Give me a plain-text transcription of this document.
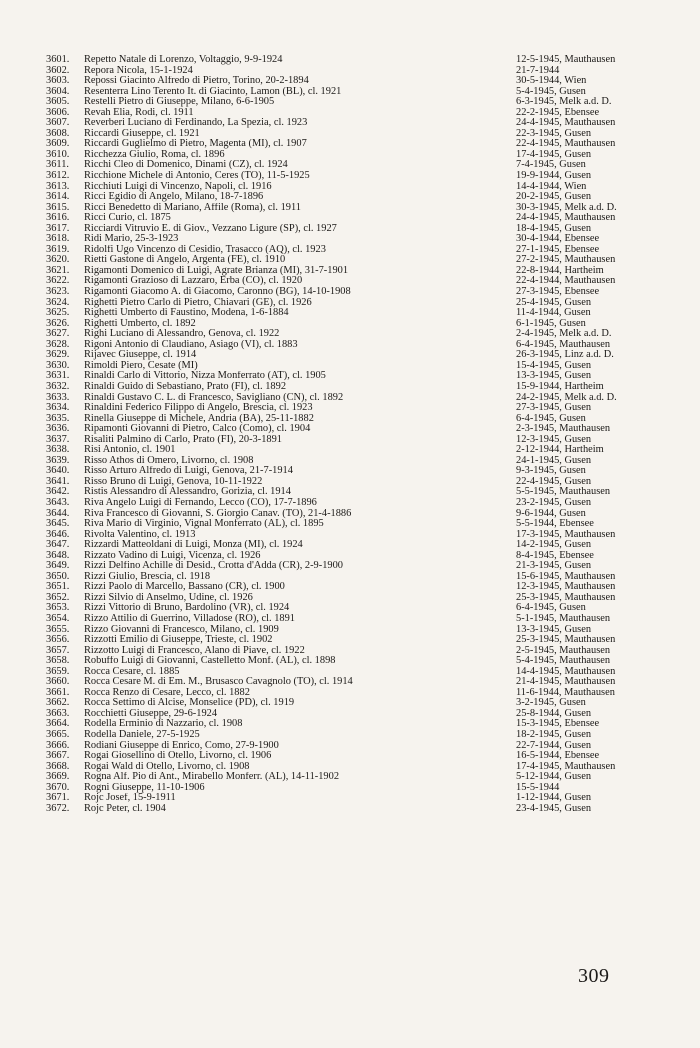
3601.	Repetto Natale di Lorenzo, Voltaggio, 9-9-1924	12-5-1945, Mauthausen
3602.	Repora Nicola, 15-1-1924	21-7-1944
3603.	Repossi Giacinto Alfredo di Pietro, Torino, 20-2-1894	30-5-1944, Wien
3604.	Resenterra Lino Terento It. di Giacinto, Lamon (BL), cl. 1921	5-4-1945, Gusen
3605.	Restelli Pietro di Giuseppe, Milano, 6-6-1905	6-3-1945, Melk a.d. D.
3606.	Revah Elia, Rodi, cl. 1911	22-2-1945, Ebensee
3607.	Reverberi Luciano di Ferdinando, La Spezia, cl. 1923	24-4-1945, Mauthausen
3608.	Riccardi Giuseppe, cl. 1921	22-3-1945, Gusen
3609.	Riccardi Guglielmo di Pietro, Magenta (MI), cl. 1907	22-4-1945, Mauthausen
3610.	Ricchezza Giulio, Roma, cl. 1896	17-4-1945, Gusen
3611.	Ricchi Cleo di Domenico, Dinami (CZ), cl. 1924	7-4-1945, Gusen
3612.	Ricchione Michele di Antonio, Ceres (TO), 11-5-1925	19-9-1944, Gusen
3613.	Ricchiuti Luigi di Vincenzo, Napoli, cl. 1916	14-4-1944, Wien
3614.	Ricci Egidio di Angelo, Milano, 18-7-1896	20-2-1945, Gusen
3615.	Ricci Benedetto di Mariano, Affile (Roma), cl. 1911	30-3-1945, Melk a.d. D.
3616.	Ricci Curio, cl. 1875	24-4-1945, Mauthausen
3617.	Ricciardi Vitruvio E. di Giov., Vezzano Ligure (SP), cl. 1927	18-4-1945, Gusen
3618.	Ridi Mario, 25-3-1923	30-4-1944, Ebensee
3619.	Ridolfi Ugo Vincenzo di Cesidio, Trasacco (AQ), cl. 1923	27-1-1945, Ebensee
3620.	Rietti Gastone di Angelo, Argenta (FE), cl. 1910	27-2-1945, Mauthausen
3621.	Rigamonti Domenico di Luigi, Agrate Brianza (MI), 31-7-1901	22-8-1944, Hartheim
3622.	Rigamonti Grazioso di Lazzaro, Erba (CO), cl. 1920	22-4-1944, Mauthausen
3623.	Rigamonti Giacomo A. di Giacomo, Caronno (BG), 14-10-1908	27-3-1945, Ebensee
3624.	Righetti Pietro Carlo di Pietro, Chiavari (GE), cl. 1926	25-4-1945, Gusen
3625.	Righetti Umberto di Faustino, Modena, 1-6-1884	11-4-1944, Gusen
3626.	Righetti Umberto, cl. 1892	6-1-1945, Gusen
3627.	Righi Luciano di Alessandro, Genova, cl. 1922	2-4-1945, Melk a.d. D.
3628.	Rigoni Antonio di Claudiano, Asiago (VI), cl. 1883	6-4-1945, Mauthausen
3629.	Rijavec Giuseppe, cl. 1914	26-3-1945, Linz a.d. D.
3630.	Rimoldi Piero, Cesate (MI)	15-4-1945, Gusen
3631.	Rinaldi Carlo di Vittorio, Nizza Monferrato (AT), cl. 1905	13-3-1945, Gusen
3632.	Rinaldi Guido di Sebastiano, Prato (FI), cl. 1892	15-9-1944, Hartheim
3633.	Rinaldi Gustavo C. L. di Francesco, Savigliano (CN), cl. 1892	24-2-1945, Melk a.d. D.
3634.	Rinaldini Federico Filippo di Angelo, Brescia, cl. 1923	27-3-1945, Gusen
3635.	Rinella Giuseppe di Michele, Andria (BA), 25-11-1882	6-4-1945, Gusen
3636.	Ripamonti Giovanni di Pietro, Calco (Como), cl. 1904	2-3-1945, Mauthausen
3637.	Risaliti Palmino di Carlo, Prato (FI), 20-3-1891	12-3-1945, Gusen
3638.	Risi Antonio, cl. 1901	2-12-1944, Hartheim
3639.	Risso Athos di Omero, Livorno, cl. 1908	24-1-1945, Gusen
3640.	Risso Arturo Alfredo di Luigi, Genova, 21-7-1914	9-3-1945, Gusen
3641.	Risso Bruno di Luigi, Genova, 10-11-1922	22-4-1945, Gusen
3642.	Ristis Alessandro di Alessandro, Gorizia, cl. 1914	5-5-1945, Mauthausen
3643.	Riva Angelo Luigi di Fernando, Lecco (CO), 17-7-1896	23-2-1945, Gusen
3644.	Riva Francesco di Giovanni, S. Giorgio Canav. (TO), 21-4-1886	9-6-1944, Gusen
3645.	Riva Mario di Virginio, Vignal Monferrato (AL), cl. 1895	5-5-1944, Ebensee
3646.	Rivolta Valentino, cl. 1913	17-3-1945, Mauthausen
3647.	Rizzardi Matteoldani di Luigi, Monza (MI), cl. 1924	14-2-1945, Gusen
3648.	Rizzato Vadino di Luigi, Vicenza, cl. 1926	8-4-1945, Ebensee
3649.	Rizzi Delfino Achille di Desid., Crotta d'Adda (CR), 2-9-1900	21-3-1945, Gusen
3650.	Rizzi Giulio, Brescia, cl. 1918	15-6-1945, Mauthausen
3651.	Rizzi Paolo di Marcello, Bassano (CR), cl. 1900	12-3-1945, Mauthausen
3652.	Rizzi Silvio di Anselmo, Udine, cl. 1926	25-3-1945, Mauthausen
3653.	Rizzi Vittorio di Bruno, Bardolino (VR), cl. 1924	6-4-1945, Gusen
3654.	Rizzo Attilio di Guerrino, Villadose (RO), cl. 1891	5-1-1945, Mauthausen
3655.	Rizzo Giovanni di Francesco, Milano, cl. 1909	13-3-1945, Gusen
3656.	Rizzotti Emilio di Giuseppe, Trieste, cl. 1902	25-3-1945, Mauthausen
3657.	Rizzotto Luigi di Francesco, Alano di Piave, cl. 1922	2-5-1945, Mauthausen
3658.	Robuffo Luigi di Giovanni, Castelletto Monf. (AL), cl. 1898	5-4-1945, Mauthausen
3659.	Rocca Cesare, cl. 1885	14-4-1945, Mauthausen
3660.	Rocca Cesare M. di Em. M., Brusasco Cavagnolo (TO), cl. 1914	21-4-1945, Mauthausen
3661.	Rocca Renzo di Cesare, Lecco, cl. 1882	11-6-1944, Mauthausen
3662.	Rocca Settimo di Alcise, Monselice (PD), cl. 1919	3-2-1945, Gusen
3663.	Rocchietti Giuseppe, 29-6-1924	25-8-1944, Gusen
3664.	Rodella Erminio di Nazzario, cl. 1908	15-3-1945, Ebensee
3665.	Rodella Daniele, 27-5-1925	18-2-1945, Gusen
3666.	Rodiani Giuseppe di Enrico, Como, 27-9-1900	22-7-1944, Gusen
3667.	Rogai Giosellino di Otello, Livorno, cl. 1906	16-5-1944, Ebensee
3668.	Rogai Wald di Otello, Livorno, cl. 1908	17-4-1945, Mauthausen
3669.	Rogna Alf. Pio di Ant., Mirabello Monferr. (AL), 14-11-1902	5-12-1944, Gusen
3670.	Rogni Giuseppe, 11-10-1906	15-5-1944
3671.	Rojc Josef, 15-9-1911	1-12-1944, Gusen
3672.	Rojc Peter, cl. 1904	23-4-1945, Gusen
309
